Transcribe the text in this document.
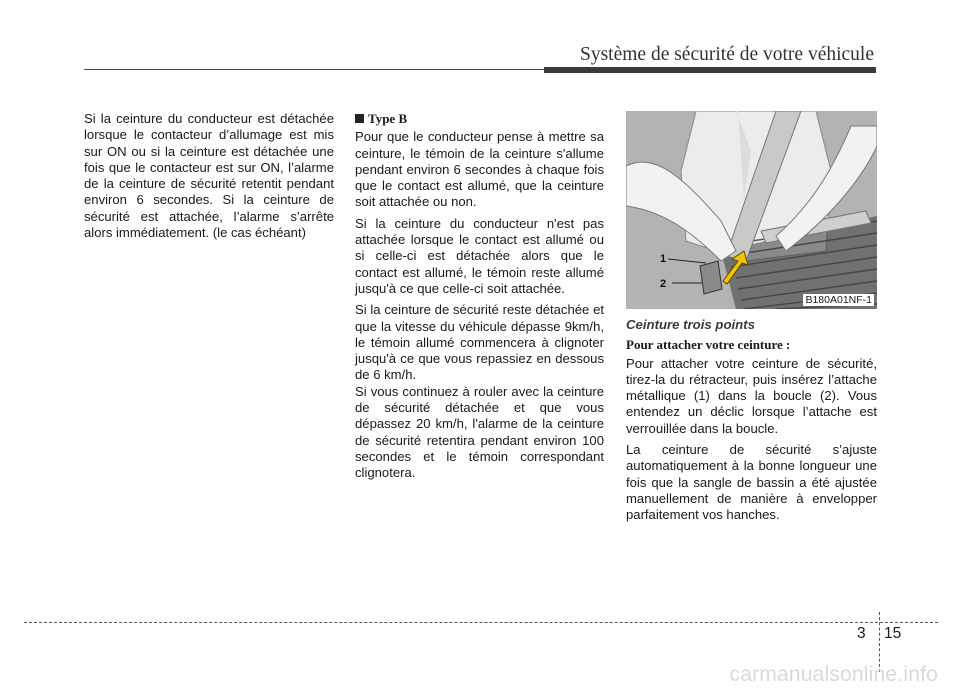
Système de sécurité de votre véhicule

Si la ceinture du conducteur est détachée lorsque le contacteur d’allumage est mis sur ON ou si la ceinture est détachée une fois que le contacteur est sur ON, l’alarme de la ceinture de sécurité retentit pendant environ 6 secondes. Si la ceinture de sécurité est attachée, l’alarme s’arrête alors immédiatement. (le cas échéant)

Type B

Pour que le conducteur pense à mettre sa ceinture, le témoin de la ceinture s'allume pendant environ 6 secondes à chaque fois que le contact est allumé, que la ceinture soit attachée ou non.

Si la ceinture du conducteur n'est pas attachée lorsque le contact est allumé ou si celle-ci est détachée alors que le contact est allumé, le témoin reste allumé jusqu'à ce que celle-ci soit attachée.

Si la ceinture de sécurité reste détachée et que la vitesse du véhicule dépasse 9km/h, le témoin allumé commencera à clignoter jusqu'à ce que vous repassiez en dessous de 6 km/h.

Si vous continuez à rouler avec la ceinture de sécurité détachée et que vous dépassez 20 km/h, l'alarme de la ceinture de sécurité retentira pendant environ 100 secondes et le témoin correspondant clignotera.

1
2
B180A01NF-1
Ceinture trois points
Pour attacher votre ceinture :

Pour attacher votre ceinture de sécurité, tirez-la du rétracteur, puis insérez l’attache métallique (1) dans la boucle (2). Vous entendez un déclic lorsque l’attache est verrouillée dans la boucle.

La ceinture de sécurité s’ajuste automatiquement à la bonne longueur une fois que la sangle de bassin a été ajustée manuellement de manière à envelopper parfaitement vos hanches.

3 15
carmanualsonline.info
